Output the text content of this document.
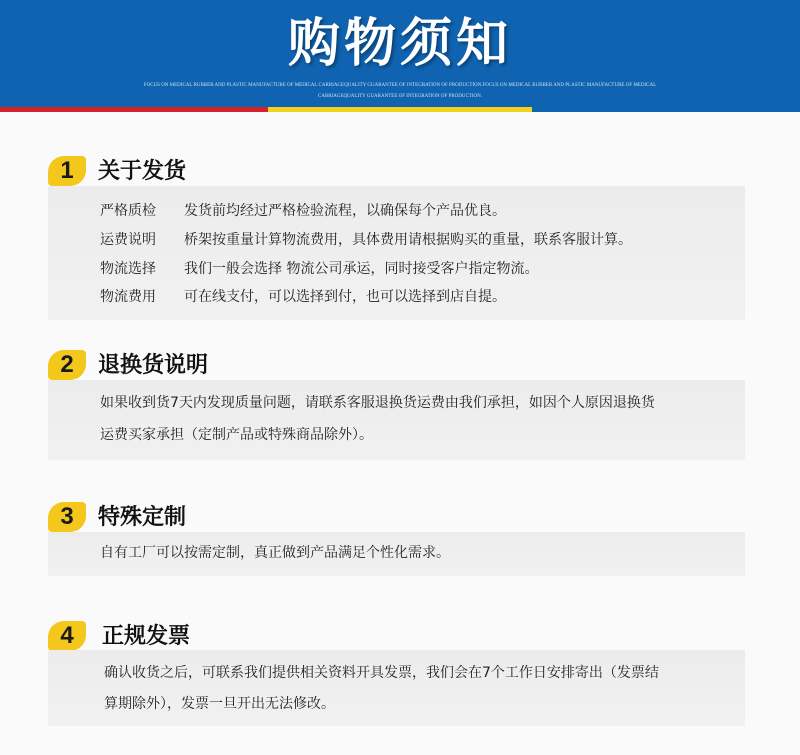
购物须知
FOCUS ON MEDICAL RUBBER AND PLASTIC MANUFACTURE OF MEDICAL CARRIAGEQUALITY GUARANTEE OF INTEGRATION OF PRODUCTION.FOCUS ON MEDICAL RUBBER AND PLASTIC MANUFACTURE OF MEDICAL
CARRIAGEQUALITY GUARANTEE OF INTEGRATION OF PRODUCTION.
1	关于发货
严格质检 发货前均经过严格检验流程，以确保每个产品优良。
运费说明 桥架按重量计算物流费用，具体费用请根据购买的重量，联系客服计算。
物流选择 我们一般会选择 物流公司承运，同时接受客户指定物流。
物流费用 可在线支付，可以选择到付，也可以选择到店自提。
2	退换货说明
如果收到货7天内发现质量问题，请联系客服退换货运费由我们承担，如因个人原因退换货
运费买家承担（定制产品或特殊商品除外）。
3	特殊定制
自有工厂可以按需定制，真正做到产品满足个性化需求。
4	正规发票
确认收货之后，可联系我们提供相关资料开具发票，我们会在7个工作日安排寄出（发票结
算期除外），发票一旦开出无法修改。
